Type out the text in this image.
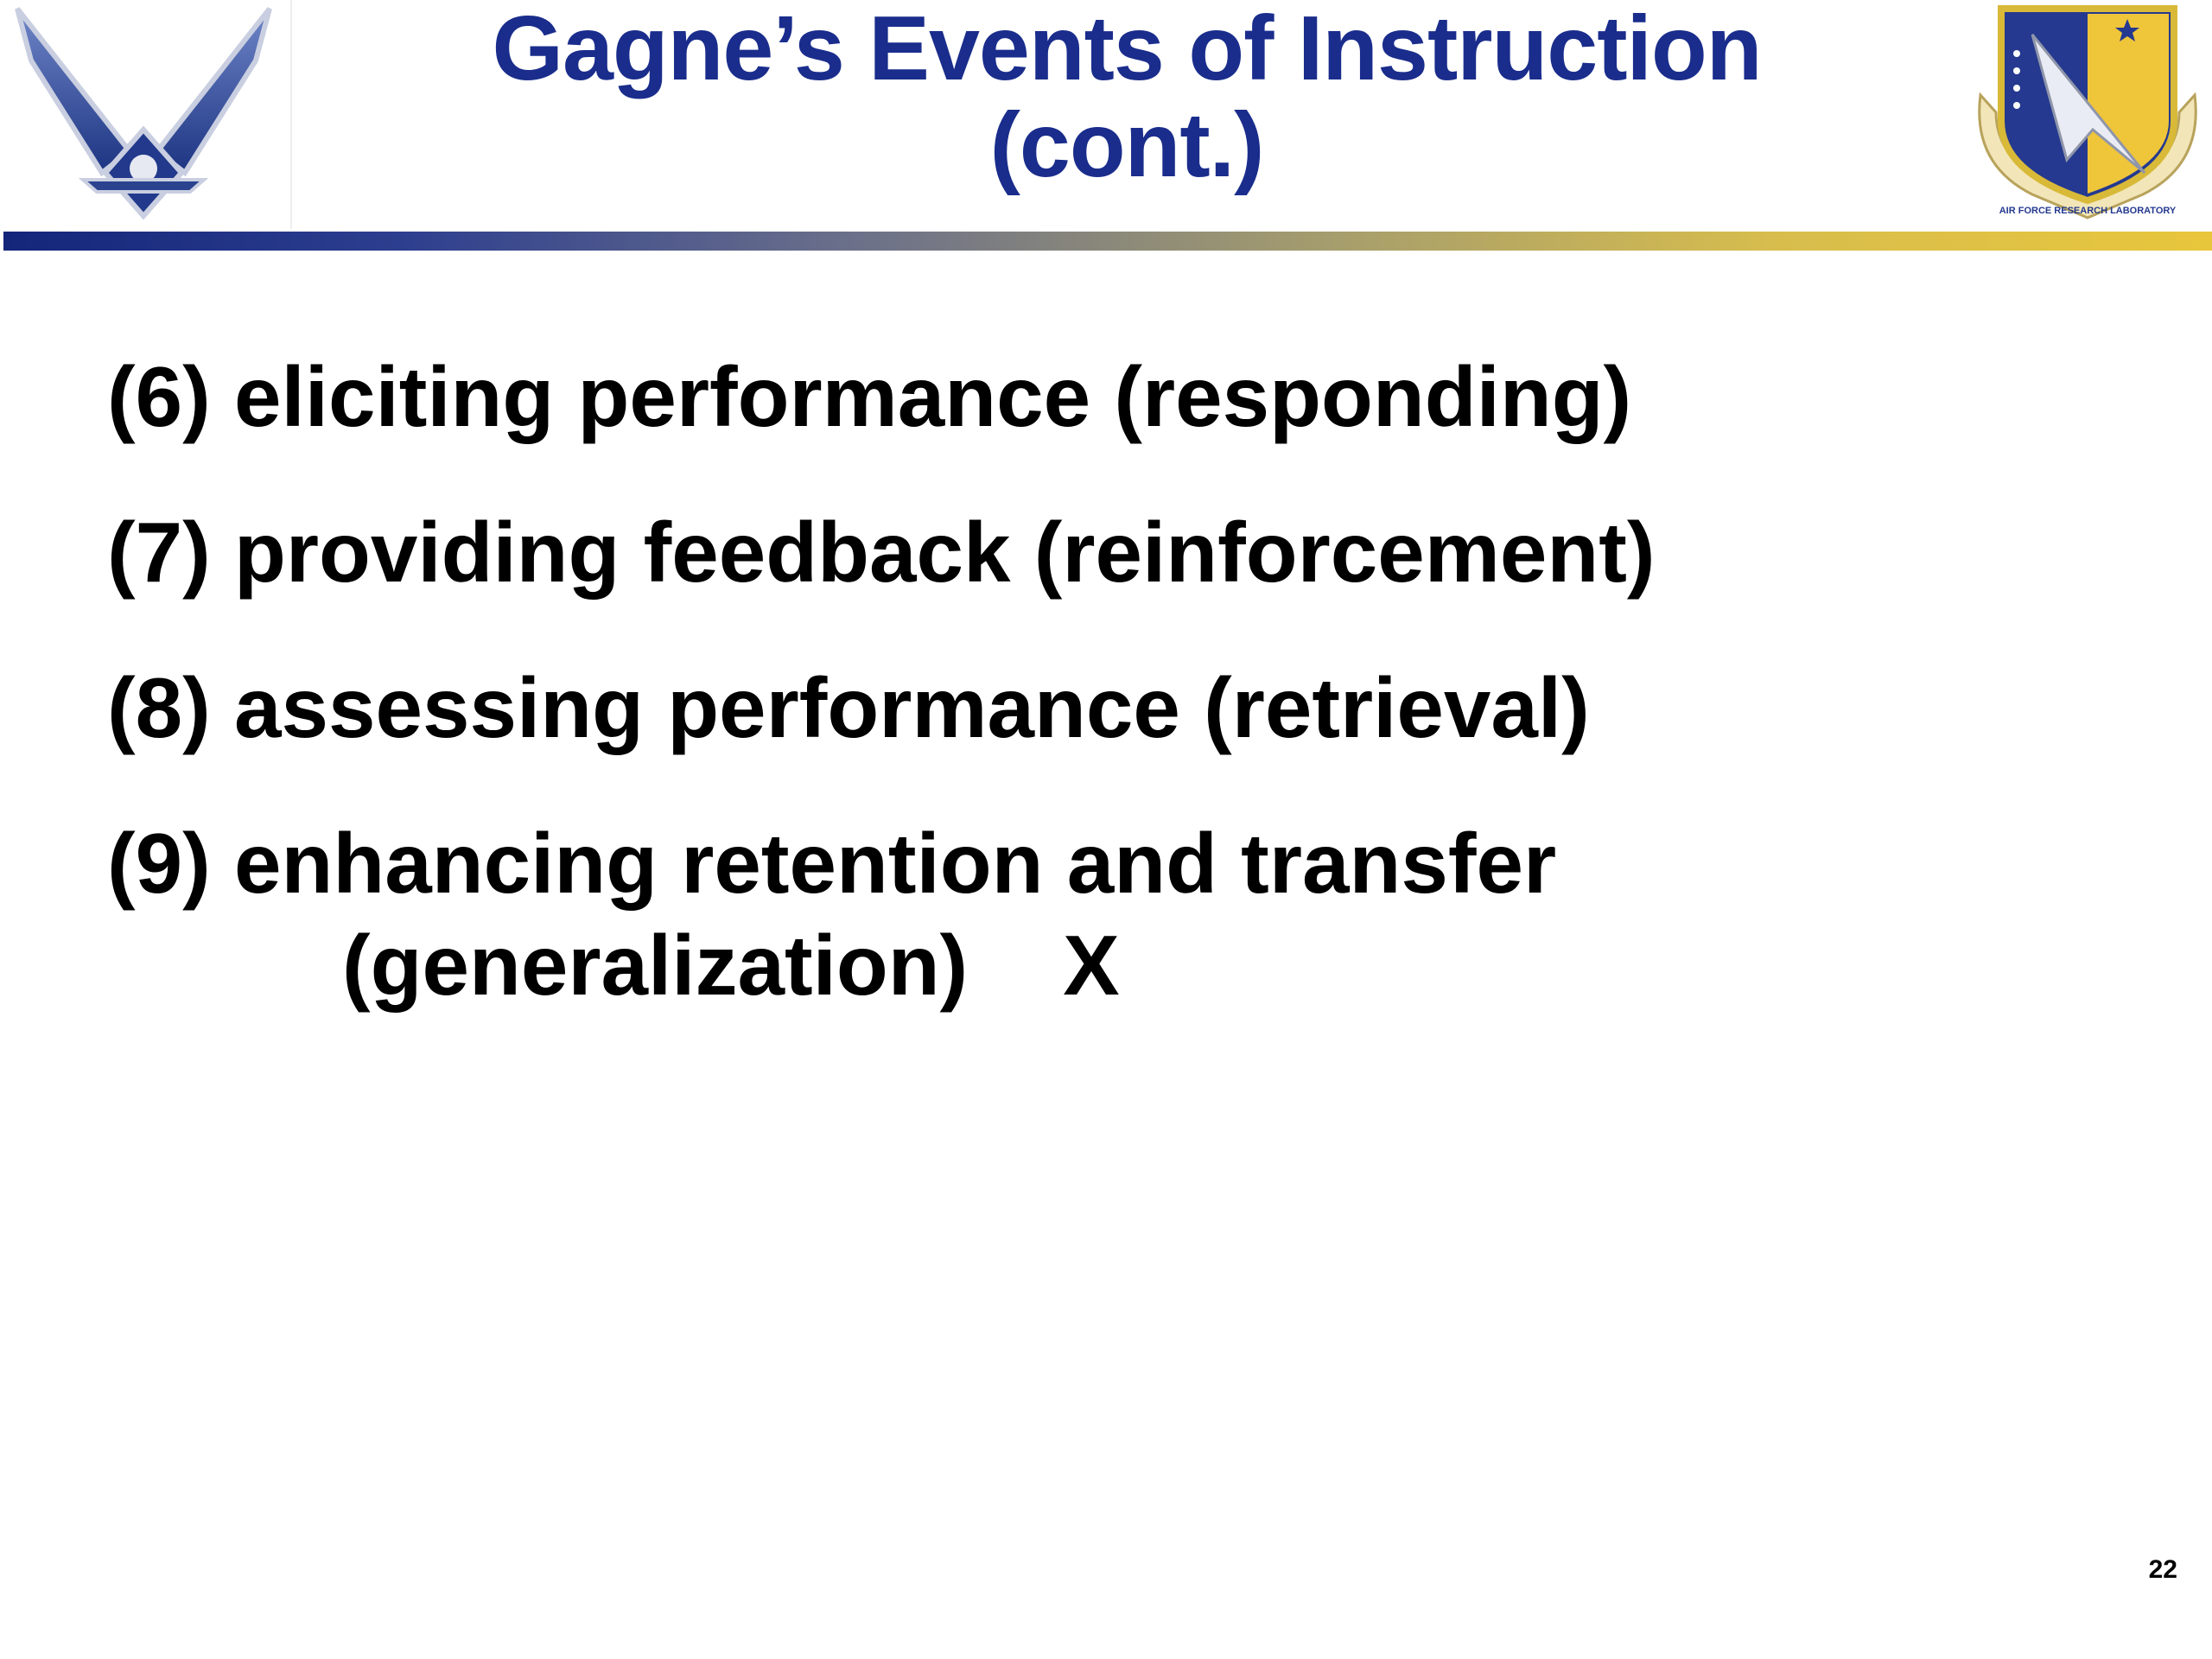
Gagne’s Events of Instruction
(cont.)
AIR FORCE RESEARCH LABORATORY
(6) eliciting performance (responding)
(7) providing feedback (reinforcement)
(8) assessing performance (retrieval)
(9) enhancing retention and transfer
(generalization) X
22
